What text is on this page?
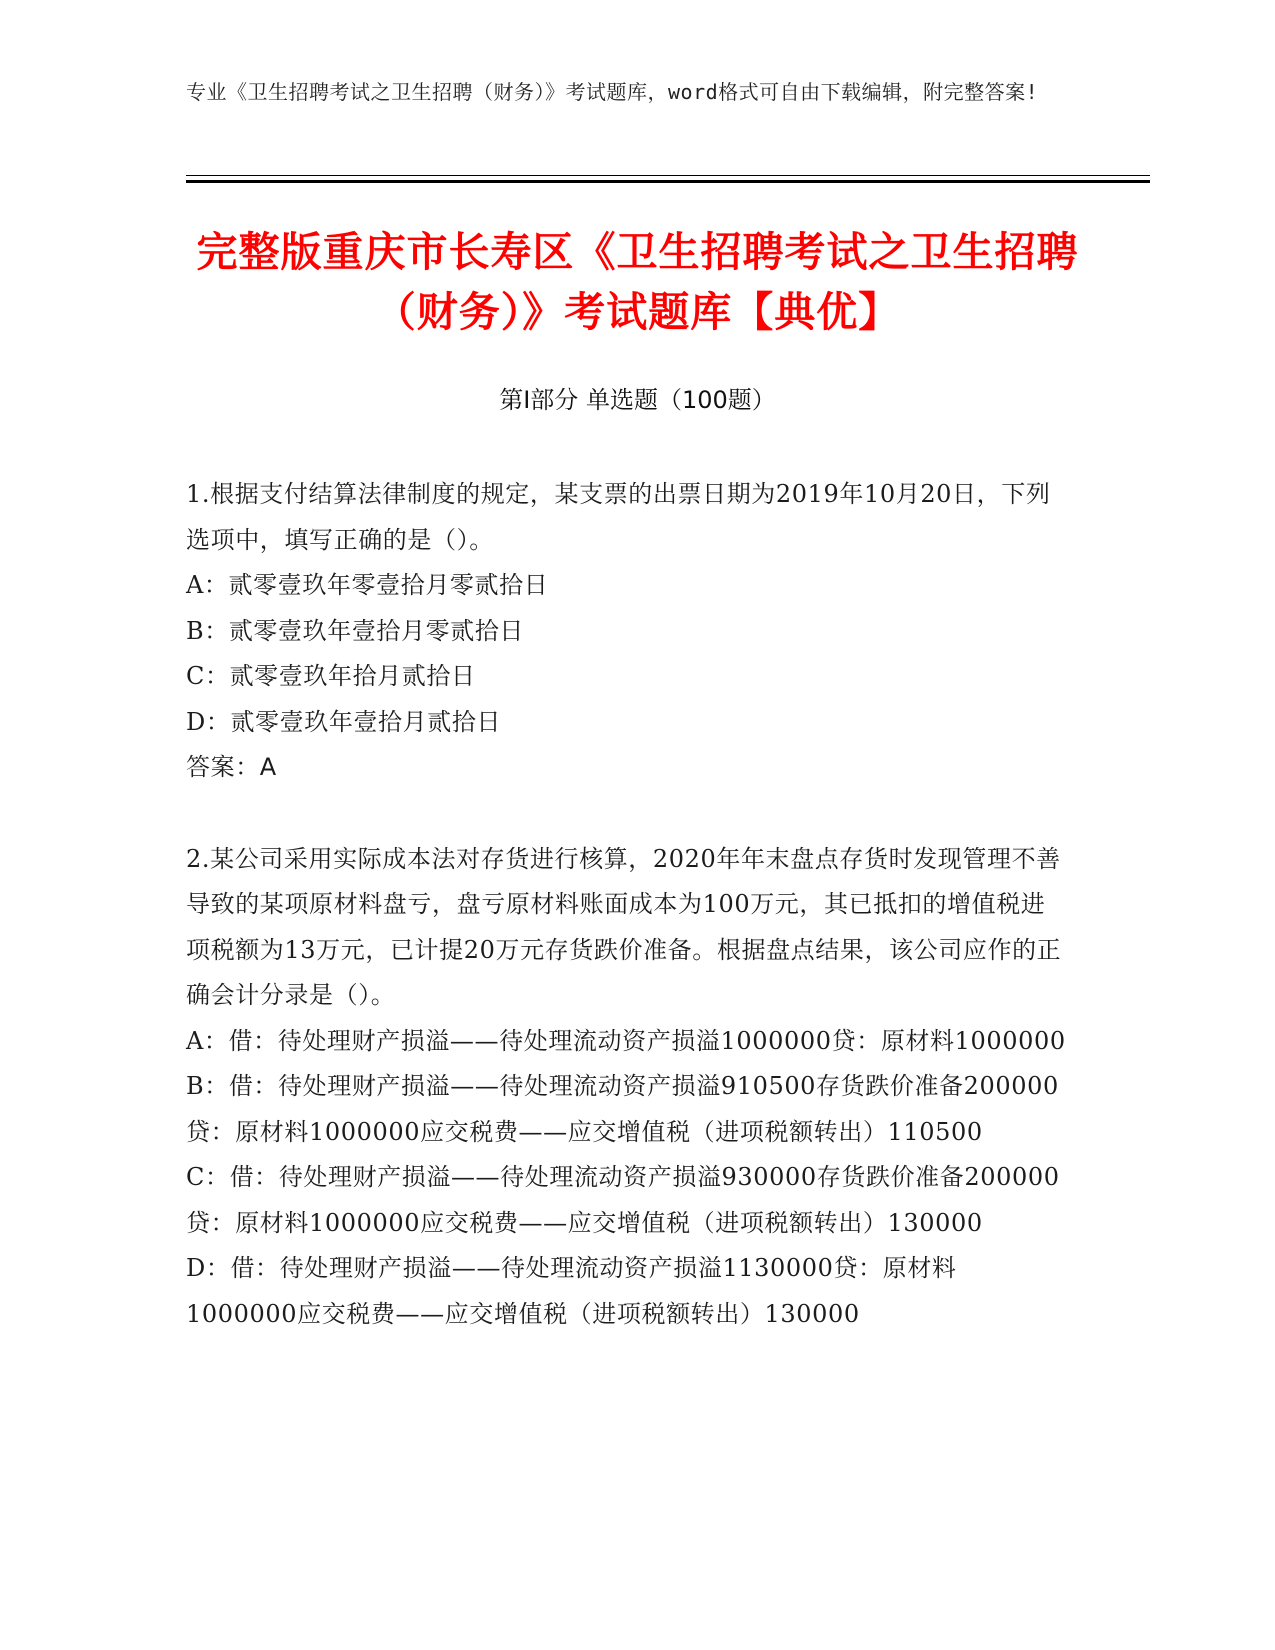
专业《卫生招聘考试之卫生招聘（财务）》考试题库，word格式可自由下载编辑，附完整答案!
完整版重庆市长寿区《卫生招聘考试之卫生招聘（财务）》考试题库【典优】
第Ⅰ部分 单选题（100题）

1.根据支付结算法律制度的规定，某支票的出票日期为2019年10月20日，下列选项中，填写正确的是（）。

A：贰零壹玖年零壹拾月零贰拾日

B：贰零壹玖年壹拾月零贰拾日

C：贰零壹玖年拾月贰拾日

D：贰零壹玖年壹拾月贰拾日

答案：A

2.某公司采用实际成本法对存货进行核算，2020年年末盘点存货时发现管理不善导致的某项原材料盘亏，盘亏原材料账面成本为100万元，其已抵扣的增值税进项税额为13万元，已计提20万元存货跌价准备。根据盘点结果，该公司应作的正确会计分录是（）。

A：借：待处理财产损溢——待处理流动资产损溢1000000贷：原材料1000000

B：借：待处理财产损溢——待处理流动资产损溢910500存货跌价准备200000贷：原材料1000000应交税费——应交增值税（进项税额转出）110500

C：借：待处理财产损溢——待处理流动资产损溢930000存货跌价准备200000贷：原材料1000000应交税费——应交增值税（进项税额转出）130000

D：借：待处理财产损溢——待处理流动资产损溢1130000贷：原材料1000000应交税费——应交增值税（进项税额转出）130000
